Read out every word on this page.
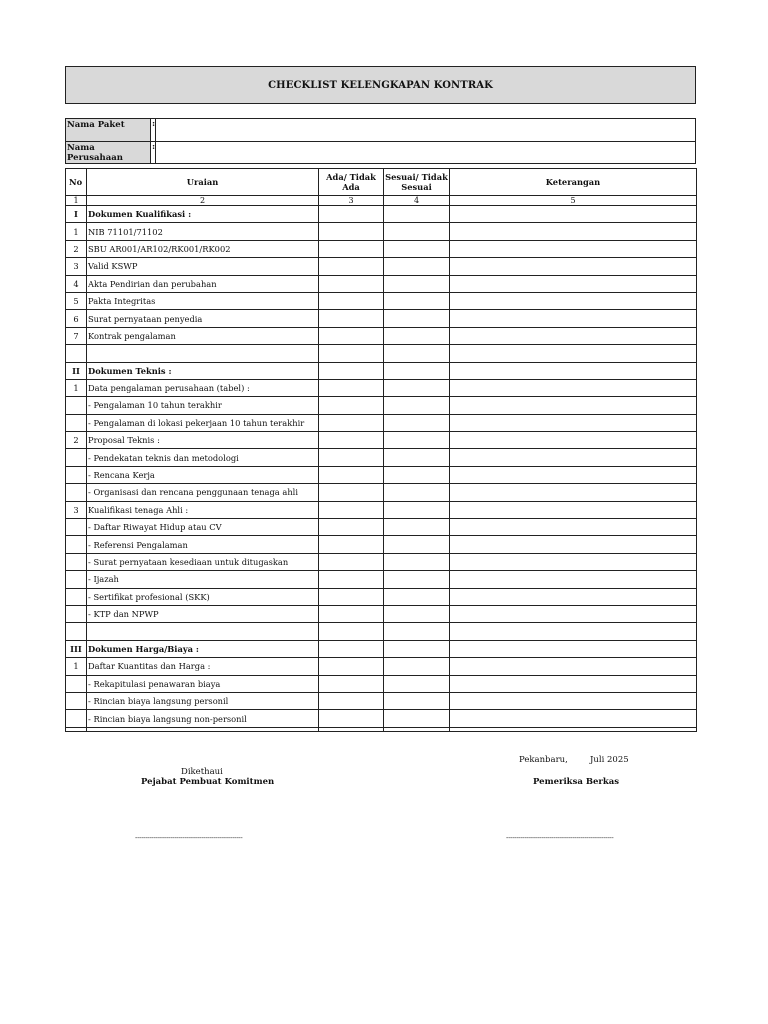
CHECKLIST KELENGKAPAN KONTRAK
Nama Paket	:	
Nama Perusahaan	:	
No	Uraian	Ada/ Tidak Ada	Sesuai/ Tidak Sesuai	Keterangan
1	2	3	4	5
I	Dokumen Kualifikasi :			
1	NIB 71101/71102			
2	SBU AR001/AR102/RK001/RK002			
3	Valid KSWP			
4	Akta Pendirian dan perubahan			
5	Pakta Integritas			
6	Surat pernyataan penyedia			
7	Kontrak pengalaman			

II	Dokumen Teknis :			
1	Data pengalaman perusahaan (tabel) :			
	- Pengalaman 10 tahun terakhir			
	- Pengalaman di lokasi pekerjaan 10 tahun terakhir			
2	Proposal Teknis :			
	- Pendekatan teknis dan metodologi			
	- Rencana Kerja			
	- Organisasi dan rencana penggunaan tenaga ahli			
3	Kualifikasi tenaga Ahli :			
	- Daftar Riwayat Hidup atau CV			
	- Referensi Pengalaman			
	- Surat pernyataan kesediaan untuk ditugaskan			
	- Ijazah			
	- Sertifikat profesional (SKK)			
	- KTP dan NPWP			

III	Dokumen Harga/Biaya :			
1	Daftar Kuantitas dan Harga :			
	- Rekapitulasi penawaran biaya			
	- Rincian biaya langsung personil			
	- Rincian biaya langsung non-personil			

Pekanbaru,	Juli 2025
Dikethaui
Pejabat Pembuat Komitmen	Pemeriksa Berkas
----------------------------------------------------	----------------------------------------------------
